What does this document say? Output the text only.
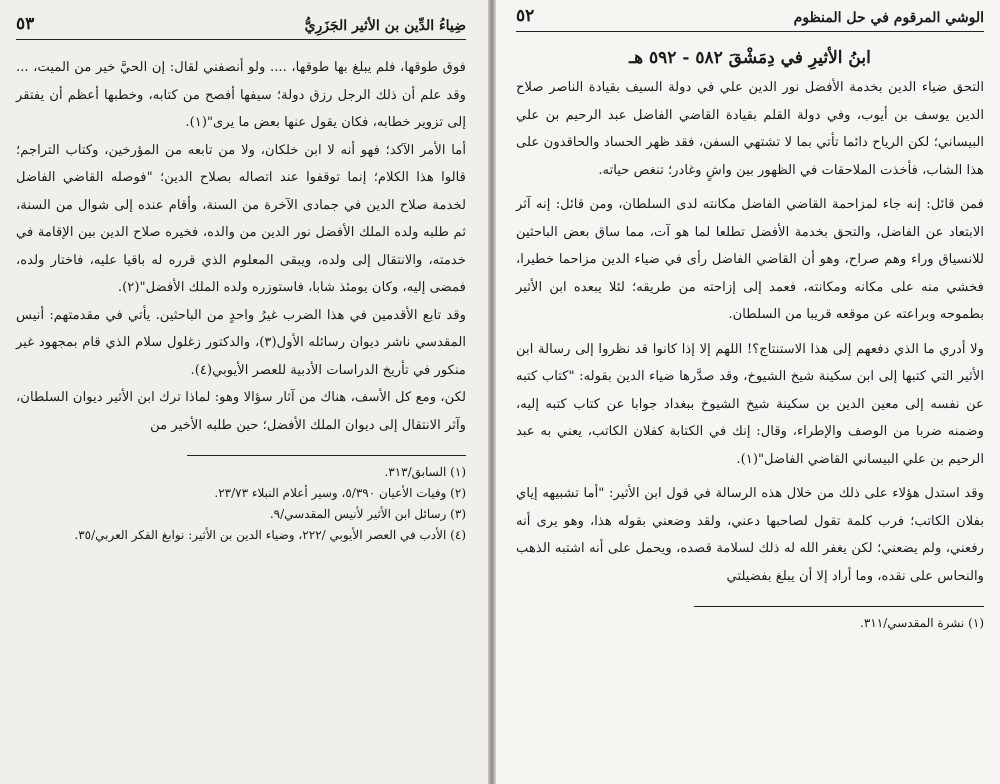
ضِياءُ الدِّين بن الأثير الجَزَرِيُّ
٥٣

فوق طوقها، فلم يبلغ بها طوقها، .... ولو أنصفني لقال: إن الحيَّ خير من الميت، ... وقد علم أن ذلك الرجل رزق دولة؛ سيفها أفصح من كتابه، وخطبها أعظم أن يفتقر إلى تزوير خطابه، فكان يقول عنها بعض ما يرى"(١).

أما الأمر الآكد؛ فهو أنه لا ابن خلكان، ولا من تابعه من المؤرخين، وكتاب التراجم؛ قالوا هذا الكلام؛ إنما توقفوا عند اتصاله بصلاح الدين؛ "فوصله القاضي الفاضل لخدمة صلاح الدين في جمادى الآخرة من السنة، وأقام عنده إلى شوال من السنة، ثم طلبه ولده الملك الأفضل نور الدين من والده، فخيره صلاح الدين بين الإقامة في خدمته، والانتقال إلى ولده، ويبقى المعلوم الذي قرره له باقيا عليه، فاختار ولده، فمضى إليه، وكان يومئذ شابا، فاستوزره ولده الملك الأفضل"(٢).

وقد تابع الأقدمين في هذا الضرب غيرُ واحدٍ من الباحثين. يأتي في مقدمتهم: أنيس المقدسي ناشر ديوان رسائله الأول(٣)، والدكتور زغلول سلام الذي قام بمجهود غير منكور في تأريخ الدراسات الأدبية للعصر الأيوبي(٤).

لكن، ومع كل الأسف، هناك من آثار سؤالا وهو: لماذا ترك ابن الأثير ديوان السلطان، وآثر الانتقال إلى ديوان الملك الأفضل؛ حين طلبه الأخير من

(١) السابق/٣١٣.

(٢) وفيات الأعيان ٥/٣٩٠، وسير أعلام النبلاء ٢٣/٧٣.

(٣) رسائل ابن الأثير لأنيس المقدسي/٩.

(٤) الأدب في العصر الأيوبي /٢٢٢، وضياء الدين بن الأثير: نوابغ الفكر العربي/٣٥.

الوشي المرقوم في حل المنظوم
٥٢
ابنُ الأثيرِ في دِمَشْقَ ٥٨٢ - ٥٩٢ هـ

التحق ضياء الدين بخدمة الأفضل نور الدين علي في دولة السيف بقيادة الناصر صلاح الدين يوسف بن أيوب، وفي دولة القلم بقيادة القاضي الفاضل عبد الرحيم بن علي البيساني؛ لكن الرياح دائما تأتي بما لا تشتهي السفن، فقد ظهر الحساد والحاقدون على هذا الشاب، فأخذت الملاحقات في الظهور بين واشٍ وغادر؛ تنغص حياته.

فمن قائل: إنه جاء لمزاحمة القاضي الفاضل مكانته لدى السلطان، ومن قائل: إنه آثر الابتعاد عن الفاضل، والتحق بخدمة الأفضل تطلعا لما هو آت، مما ساق بعض الباحثين للانسياق وراء وهم صراح، وهو أن القاضي الفاضل رأى في ضياء الدين مزاحما خطيرا، فخشي منه على مكانه ومكانته، فعمد إلى إزاحته من طريقه؛ لئلا يبعده ابن الأثير بطموحه وبراعته عن موقعه قريبا من السلطان.

ولا أدري ما الذي دفعهم إلى هذا الاستنتاج؟! اللهم إلا إذا كانوا قد نظروا إلى رسالة ابن الأثير التي كتبها إلى ابن سكينة شيخ الشيوخ، وقد صدَّرها ضياء الدين بقوله: "كتاب كتبه عن نفسه إلى معين الدين بن سكينة شيخ الشيوخ ببغداد جوابا عن كتاب كتبه إليه، وضمنه ضربا من الوصف والإطراء، وقال: إنك في الكتابة كفلان الكاتب، يعني به عبد الرحيم بن علي البيساني القاضي الفاضل"(١).

وقد استدل هؤلاء على ذلك من خلال هذه الرسالة في قول ابن الأثير: "أما تشبيهه إياي بفلان الكاتب؛ فرب كلمة تقول لصاحبها دعني، ولقد وضعني بقوله هذا، وهو يرى أنه رفعني، ولم يضعني؛ لكن يغفر الله له ذلك لسلامة قصده، ويحمل على أنه اشتبه الذهب والنحاس على نقده، وما أراد إلا أن يبلغ بفضيلتي

(١) نشرة المقدسي/٣١١.
